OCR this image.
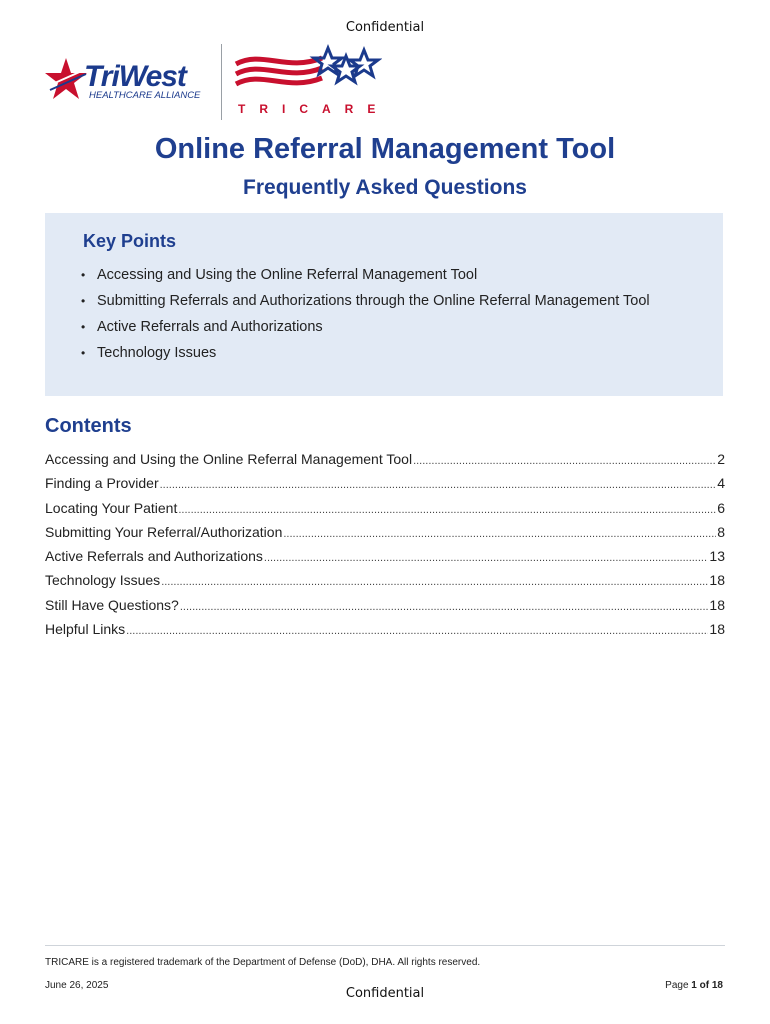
Confidential
TriWest
HEALTHCARE ALLIANCE
TRICARE
Online Referral Management Tool
Frequently Asked Questions
Key Points
• Accessing and Using the Online Referral Management Tool
• Submitting Referrals and Authorizations through the Online Referral Management Tool
• Active Referrals and Authorizations
• Technology Issues
Contents
Accessing and Using the Online Referral Management Tool .....	2
Finding a Provider .....	4
Locating Your Patient .....	6
Submitting Your Referral/Authorization .....	8
Active Referrals and Authorizations .....	13
Technology Issues .....	18
Still Have Questions? .....	18
Helpful Links .....	18
TRICARE is a registered trademark of the Department of Defense (DoD), DHA. All rights reserved.
June 26, 2025	Page 1 of 18
Confidential
